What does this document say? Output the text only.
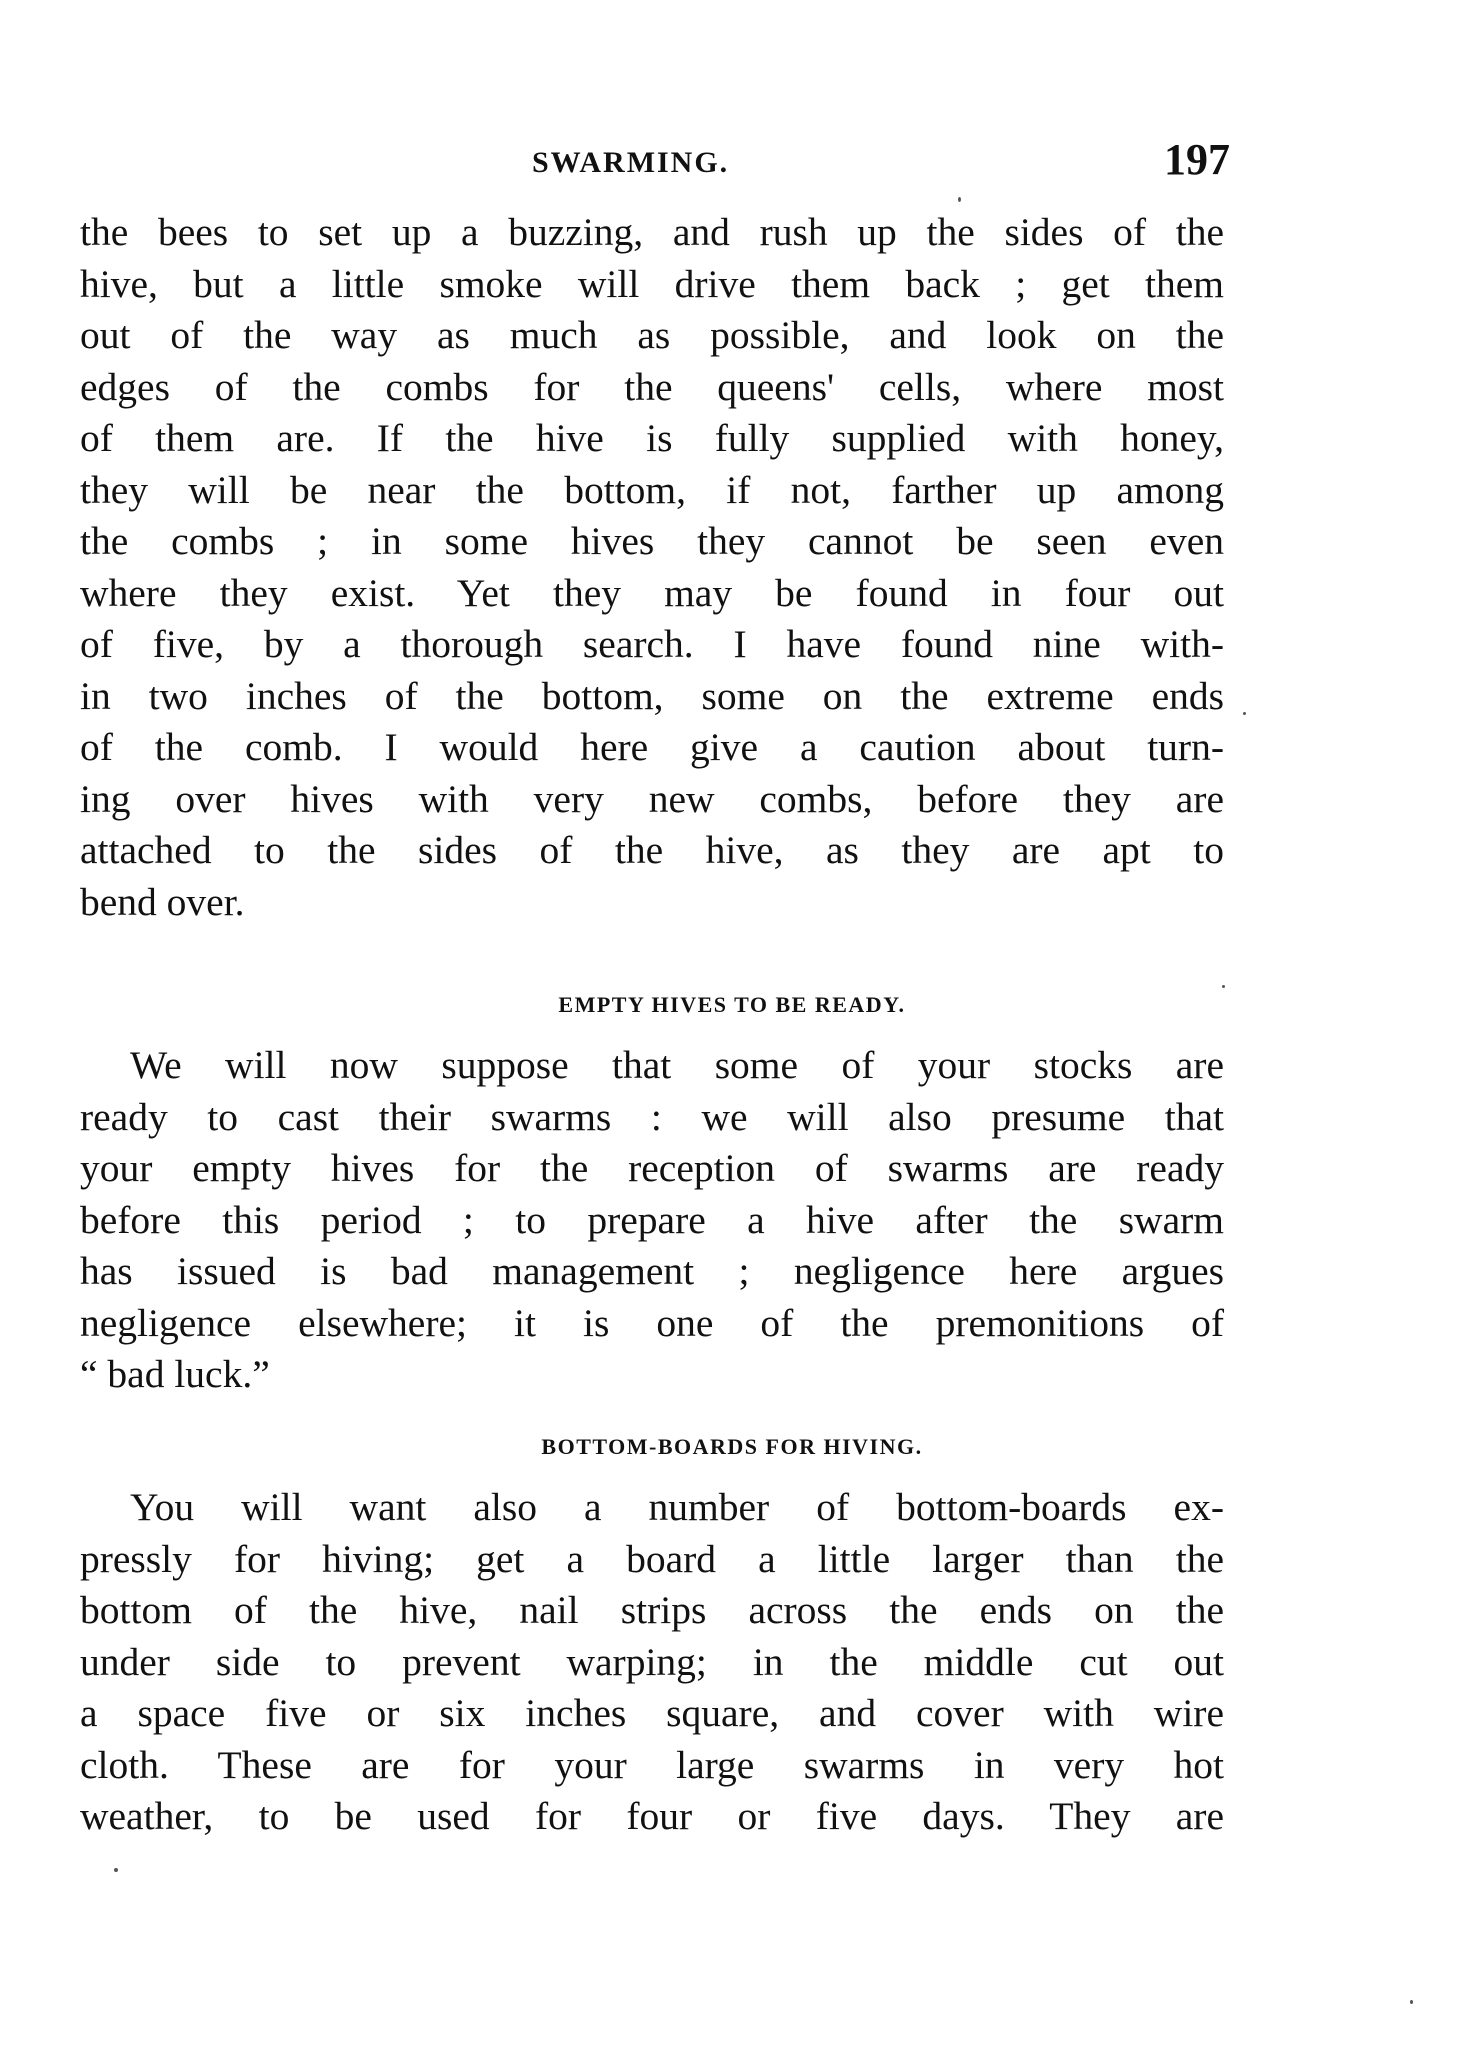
SWARMING.	197
the bees to set up a buzzing, and rush up the sides of the
hive, but a little smoke will drive them back ; get them
out of the way as much as possible, and look on the
edges of the combs for the queens' cells, where most
of them are. If the hive is fully supplied with honey,
they will be near the bottom, if not, farther up among
the combs ; in some hives they cannot be seen even
where they exist. Yet they may be found in four out
of five, by a thorough search. I have found nine with-
in two inches of the bottom, some on the extreme ends
of the comb. I would here give a caution about turn-
ing over hives with very new combs, before they are
attached to the sides of the hive, as they are apt to
bend over.
EMPTY HIVES TO BE READY.
We will now suppose that some of your stocks are
ready to cast their swarms : we will also presume that
your empty hives for the reception of swarms are ready
before this period ; to prepare a hive after the swarm
has issued is bad management ; negligence here argues
negligence elsewhere; it is one of the premonitions of
“ bad luck.”
BOTTOM-BOARDS FOR HIVING.
You will want also a number of bottom-boards ex-
pressly for hiving; get a board a little larger than the
bottom of the hive, nail strips across the ends on the
under side to prevent warping; in the middle cut out
a space five or six inches square, and cover with wire
cloth. These are for your large swarms in very hot
weather, to be used for four or five days. They are
